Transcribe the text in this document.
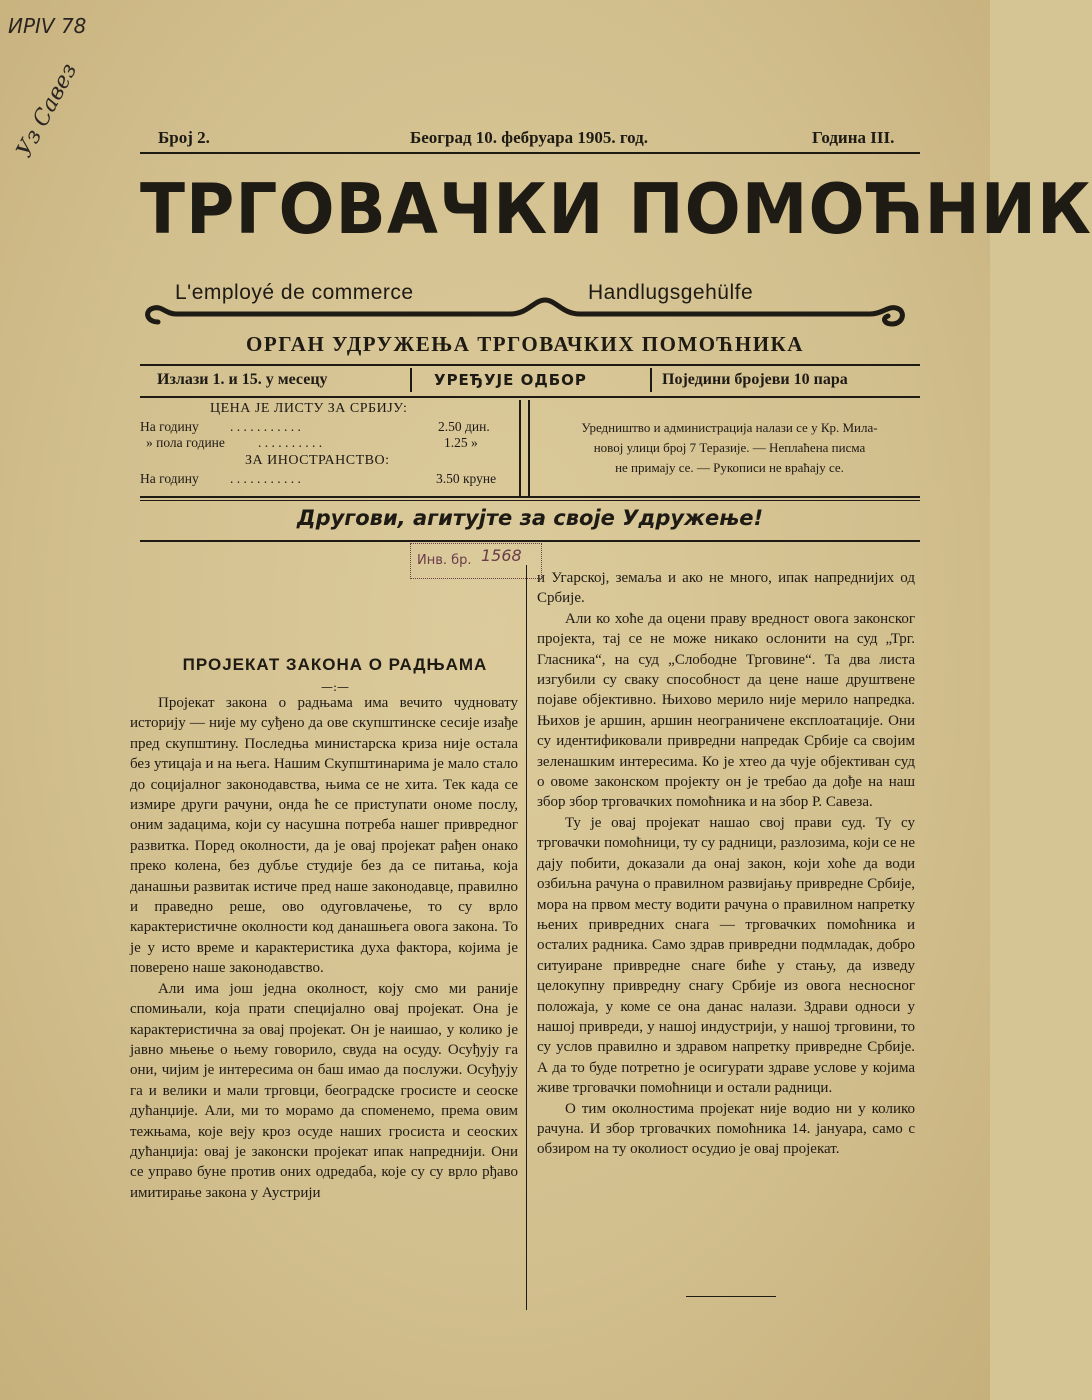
ИРIV 78
Уз Савез	Број 2.	Београд 10. фебруара 1905. год.	Година III.
ТРГОВАЧКИ ПОМОЋНИК
L'employé de commerce	Handlugsgehülfe
ОРГАН УДРУЖЕЊА ТРГОВАЧКИХ ПОМОЋНИКА
Излази 1. и 15. у месецу	УРЕЂУЈЕ ОДБОР	Поједини бројеви 10 пара
ЦЕНА ЈЕ ЛИСТУ ЗА СРБИЈУ:
На годину . . . . . . . . . . .	2.50 дин.
» пола године . . . . . . . . . .	1.25 »
ЗА ИНОСТРАНСТВО:
На годину . . . . . . . . . . .	3.50 круне
Уредништво и администрација налази се у Кр. Мила-
новој улици број 7 Теразије. — Неплаћена писма
не примају се. — Рукописи не враћају се.
Другови, агитујте за своје Удружење!
Инв. бр. 1568
ПРОЈЕКАТ ЗАКОНА О РАДЊАМА
—:—

Пројекат закона о радњама има вечито чудновату историју — није му суђено да ове скупштинске сесије изађе пред скупштину. Последња министарска криза није остала без утицаја и на њега. Нашим Скупштинарима је мало стало до социјалног законодавства, њима се не хита. Тек када се измире други рачуни, онда ће се приступати ономе послу, оним задацима, који су насушна потреба нашег привредног развитка. Поред околности, да је овај пројекат рађен онако преко колена, без дубље студије без да се питања, која данашњи развитак истиче пред наше законодавце, правилно и праведно реше, ово одуговлачење, то су врло карактеристичне околности код данашњега овога закона. То је у исто време и карактеристика духа фактора, којима је поверено наше законодавство.

Али има још једна околност, коју смо ми раније спомињали, која прати специјално овај пројекат. Она је карактеристична за овај пројекат. Он је наишао, у колико је јавно мњење о њему говорило, свуда на осуду. Осуђују га они, чијим је интересима он баш имао да послужи. Осуђују га и велики и мали трговци, београдске гросисте и сеоске дућанџије. Али, ми то морамо да споменемо, према овим тежњама, које веју кроз осуде наших гросиста и сеоских дућанџија: овај је законски пројекат ипак напреднији. Они се управо буне против оних одредаба, које су су врло рђаво имитирање закона у Аустрији

и Угарској, земаља и ако не много, ипак напреднијих од Србије.

Али ко хоће да оцени праву вредност овога законског пројекта, тај се не може никако ослонити на суд „Трг. Гласника“, на суд „Слободне Трговине“. Та два листа изгубили су сваку способност да цене наше друштвене појаве објективно. Њихово мерило није мерило напредка. Њихов је аршин, аршин неограничене експлоатације. Они су идентификовали привредни напредак Србије са својим зеленашким интересима. Ко је хтео да чује објективан суд о овоме законском пројекту он је требао да дође на наш збор збор трговачких помоћника и на збор Р. Савеза.

Ту је овај пројекат нашао свој прави суд. Ту су трговачки помоћници, ту су радници, разлозима, који се не дају побити, доказали да онај закон, који хоће да води озбиљна рачуна о правилном развијању привредне Србије, мора на првом месту водити рачуна о правилном напретку њених привредних снага — трговачких помоћника и осталих радника. Само здрав привредни подмладак, добро ситуиране привредне снаге биће у стању, да изведу целокупну привредну снагу Србије из овога несносног положаја, у коме се она данас налази. Здрави односи у нашој привреди, у нашој индустрији, у нашој трговини, то су услов правилно и здравом напретку привредне Србије. А да то буде потретно је осигурати здраве услове у којима живе трговачки помоћници и остали радници.

О тим околностима пројекат није водио ни у колико рачуна. И збор трговачких помоћника 14. јануара, само с обзиром на ту околиост осудио је овај пројекат.
